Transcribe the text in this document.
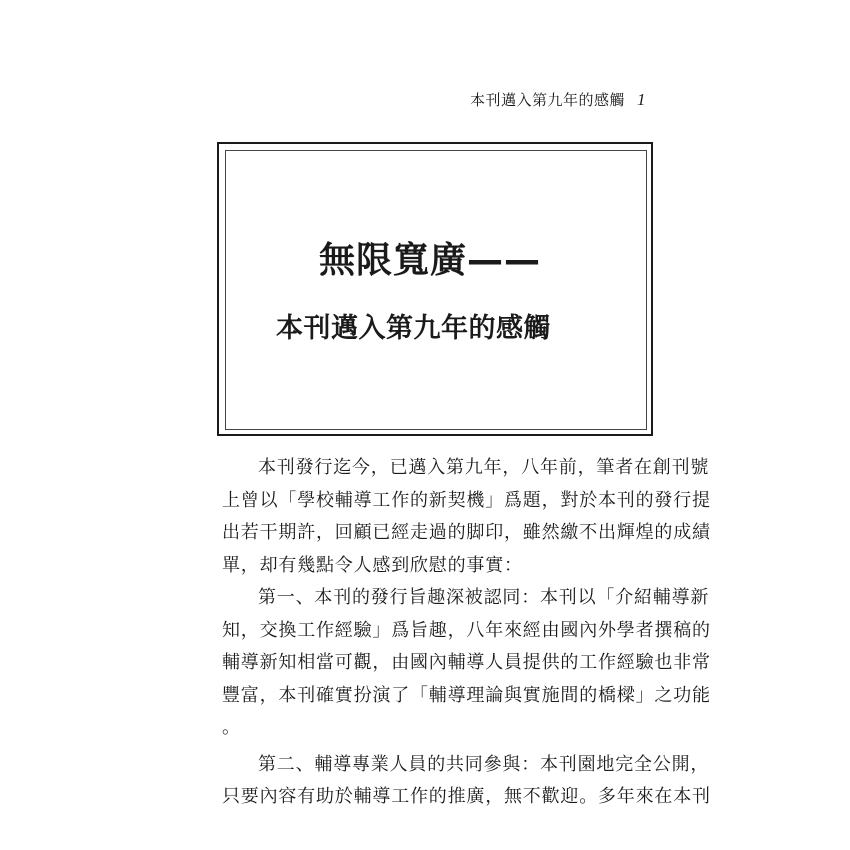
本刊邁入第九年的感觸 1
無限寬廣——
本刊邁入第九年的感觸

本刊發行迄今，已邁入第九年，八年前，筆者在創刊號
上曾以「學校輔導工作的新契機」爲題，對於本刊的發行提
出若干期許，回顧已經走過的脚印，雖然繳不出輝煌的成績
單，却有幾點令人感到欣慰的事實：

第一、本刊的發行旨趣深被認同：本刊以「介紹輔導新
知，交換工作經驗」爲旨趣，八年來經由國內外學者撰稿的
輔導新知相當可觀，由國內輔導人員提供的工作經驗也非常
豐富，本刊確實扮演了「輔導理論與實施間的橋樑」之功能
。

第二、輔導專業人員的共同參與：本刊園地完全公開，
只要內容有助於輔導工作的推廣，無不歡迎。多年來在本刊
